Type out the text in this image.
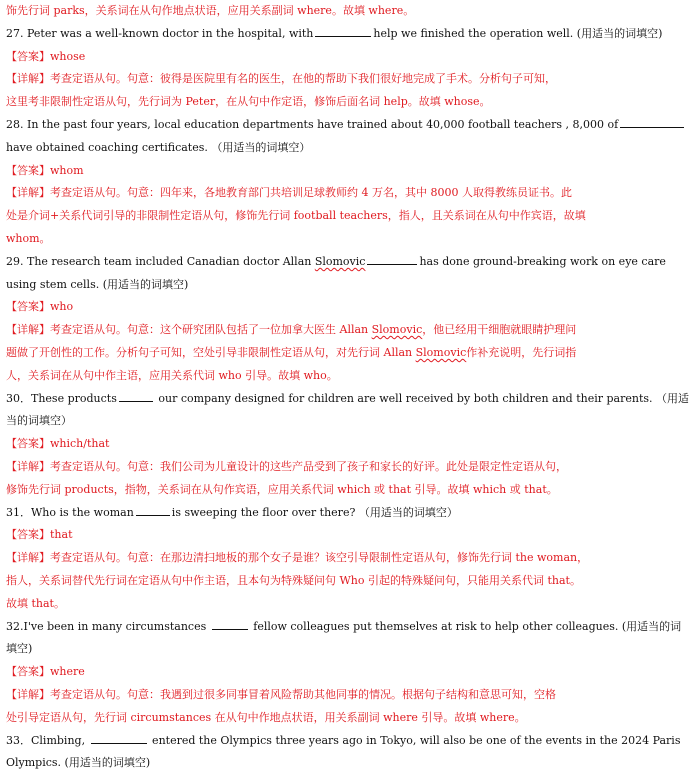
饰先行词 parks，关系词在从句作地点状语，应用关系副词 where。故填 where。
27. Peter was a well-known doctor in the hospital, with	help we finished the operation well. (用适当的词填空)
【答案】whose
【详解】考查定语从句。句意：彼得是医院里有名的医生，在他的帮助下我们很好地完成了手术。分析句子可知，
这里考非限制性定语从句，先行词为 Peter，在从句中作定语，修饰后面名词 help。故填 whose。
28. In the past four years, local education departments have trained about 40,000 football teachers , 8,000 of
have obtained coaching certificates. （用适当的词填空）
【答案】whom
【详解】考查定语从句。句意：四年来，各地教育部门共培训足球教师约 4 万名，其中 8000 人取得教练员证书。此
处是介词+关系代词引导的非限制性定语从句，修饰先行词 football teachers，指人，且关系词在从句中作宾语，故填
whom。
29. The research team included Canadian doctor Allan Slomovic	has done ground-breaking work on eye care
using stem cells. (用适当的词填空)
【答案】who
【详解】考查定语从句。句意：这个研究团队包括了一位加拿大医生 Allan Slomovic，他已经用干细胞就眼睛护理问
题做了开创性的工作。分析句子可知，空处引导非限制性定语从句，对先行词 Allan Slomovic作补充说明，先行词指
人，关系词在从句中作主语，应用关系代词 who 引导。故填 who。
30．These products	our company designed for children are well received by both children and their parents. （用适
当的词填空）
【答案】which/that
【详解】考查定语从句。句意：我们公司为儿童设计的这些产品受到了孩子和家长的好评。此处是限定性定语从句，
修饰先行词 products，指物，关系词在从句作宾语，应用关系代词 which 或 that 引导。故填 which 或 that。
31．Who is the woman	is sweeping the floor over there? （用适当的词填空）
【答案】that
【详解】考查定语从句。句意：在那边清扫地板的那个女子是谁？该空引导限制性定语从句，修饰先行词 the woman，
指人，关系词替代先行词在定语从句中作主语，且本句为特殊疑问句 Who 引起的特殊疑问句，只能用关系代词 that。
故填 that。
32.I've been in many circumstances	fellow colleagues put themselves at risk to help other colleagues. (用适当的词
填空)
【答案】where
【详解】考查定语从句。句意：我遇到过很多同事冒着风险帮助其他同事的情况。根据句子结构和意思可知，空格
处引导定语从句，先行词 circumstances 在从句中作地点状语，用关系副词 where 引导。故填 where。
33．Climbing,	entered the Olympics three years ago in Tokyo, will also be one of the events in the 2024 Paris
Olympics. (用适当的词填空)
